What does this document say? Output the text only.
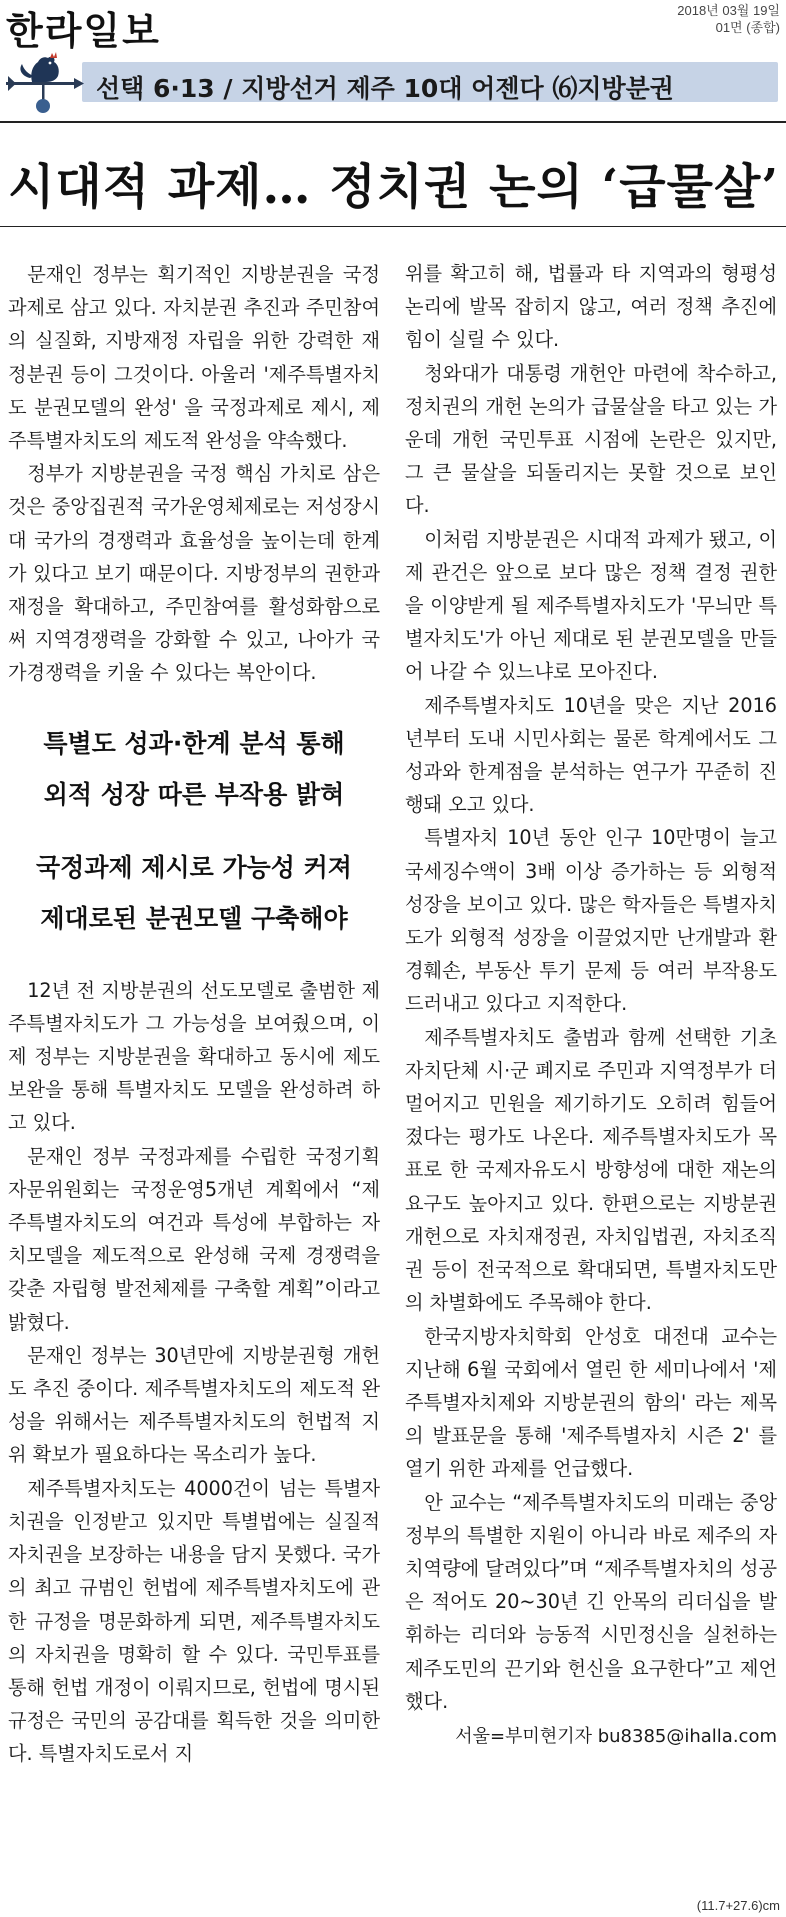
한라일보	2018년 03월 19일
01면 (종합)
선택 6·13 / 지방선거 제주 10대 어젠다 ⑹지방분권
시대적 과제… 정치권 논의 ‘급물살’

문재인 정부는 획기적인 지방분권을 국정과제로 삼고 있다. 자치분권 추진과 주민참여의 실질화, 지방재정 자립을 위한 강력한 재정분권 등이 그것이다. 아울러 '제주특별자치도 분권모델의 완성' 을 국정과제로 제시, 제주특별자치도의 제도적 완성을 약속했다.

정부가 지방분권을 국정 핵심 가치로 삼은 것은 중앙집권적 국가운영체제로는 저성장시대 국가의 경쟁력과 효율성을 높이는데 한계가 있다고 보기 때문이다. 지방정부의 권한과 재정을 확대하고, 주민참여를 활성화함으로써 지역경쟁력을 강화할 수 있고, 나아가 국가경쟁력을 키울 수 있다는 복안이다.

특별도 성과·한계 분석 통해
외적 성장 따른 부작용 밝혀
국정과제 제시로 가능성 커져
제대로된 분권모델 구축해야

12년 전 지방분권의 선도모델로 출범한 제주특별자치도가 그 가능성을 보여줬으며, 이제 정부는 지방분권을 확대하고 동시에 제도 보완을 통해 특별자치도 모델을 완성하려 하고 있다.

문재인 정부 국정과제를 수립한 국정기획자문위원회는 국정운영5개년 계획에서 “제주특별자치도의 여건과 특성에 부합하는 자치모델을 제도적으로 완성해 국제 경쟁력을 갖춘 자립형 발전체제를 구축할 계획”이라고 밝혔다.

문재인 정부는 30년만에 지방분권형 개헌도 추진 중이다. 제주특별자치도의 제도적 완성을 위해서는 제주특별자치도의 헌법적 지위 확보가 필요하다는 목소리가 높다.

제주특별자치도는 4000건이 넘는 특별자치권을 인정받고 있지만 특별법에는 실질적 자치권을 보장하는 내용을 담지 못했다. 국가의 최고 규범인 헌법에 제주특별자치도에 관한 규정을 명문화하게 되면, 제주특별자치도의 자치권을 명확히 할 수 있다. 국민투표를 통해 헌법 개정이 이뤄지므로, 헌법에 명시된 규정은 국민의 공감대를 획득한 것을 의미한다. 특별자치도로서 지

위를 확고히 해, 법률과 타 지역과의 형평성 논리에 발목 잡히지 않고, 여러 정책 추진에 힘이 실릴 수 있다.

청와대가 대통령 개헌안 마련에 착수하고, 정치권의 개헌 논의가 급물살을 타고 있는 가운데 개헌 국민투표 시점에 논란은 있지만, 그 큰 물살을 되돌리지는 못할 것으로 보인다.

이처럼 지방분권은 시대적 과제가 됐고, 이제 관건은 앞으로 보다 많은 정책 결정 권한을 이양받게 될 제주특별자치도가 '무늬만 특별자치도'가 아닌 제대로 된 분권모델을 만들어 나갈 수 있느냐로 모아진다.

제주특별자치도 10년을 맞은 지난 2016년부터 도내 시민사회는 물론 학계에서도 그 성과와 한계점을 분석하는 연구가 꾸준히 진행돼 오고 있다.

특별자치 10년 동안 인구 10만명이 늘고 국세징수액이 3배 이상 증가하는 등 외형적 성장을 보이고 있다. 많은 학자들은 특별자치도가 외형적 성장을 이끌었지만 난개발과 환경훼손, 부동산 투기 문제 등 여러 부작용도 드러내고 있다고 지적한다.

제주특별자치도 출범과 함께 선택한 기초자치단체 시·군 폐지로 주민과 지역정부가 더 멀어지고 민원을 제기하기도 오히려 힘들어졌다는 평가도 나온다. 제주특별자치도가 목표로 한 국제자유도시 방향성에 대한 재논의 요구도 높아지고 있다. 한편으로는 지방분권 개헌으로 자치재정권, 자치입법권, 자치조직권 등이 전국적으로 확대되면, 특별자치도만의 차별화에도 주목해야 한다.

한국지방자치학회 안성호 대전대 교수는 지난해 6월 국회에서 열린 한 세미나에서 '제주특별자치제와 지방분권의 함의' 라는 제목의 발표문을 통해 '제주특별자치 시즌 2' 를 열기 위한 과제를 언급했다.

안 교수는 “제주특별자치도의 미래는 중앙정부의 특별한 지원이 아니라 바로 제주의 자치역량에 달려있다”며 “제주특별자치의 성공은 적어도 20~30년 긴 안목의 리더십을 발휘하는 리더와 능동적 시민정신을 실천하는 제주도민의 끈기와 헌신을 요구한다”고 제언했다.

서울=부미현기자 bu8385@ihalla.com
(11.7+27.6)cm
